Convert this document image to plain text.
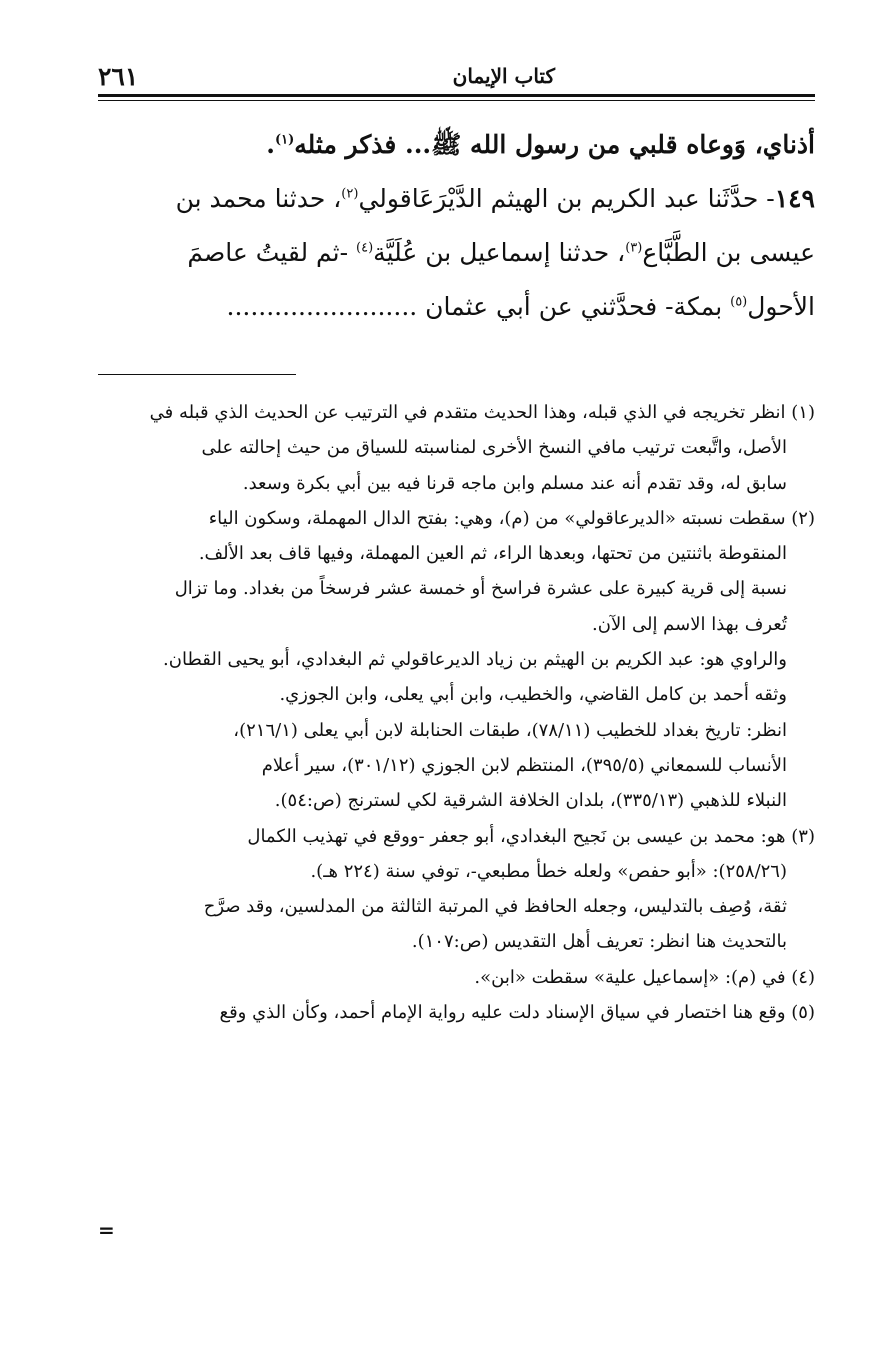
كتاب الإيمان
٢٦١

أذناي، وَوعاه قلبي من رسول الله ﷺ... فذكر مثله$^{(١)}$.

١٤٩- حدَّثَنا عبد الكريم بن الهيثم الدَّيْرَعَاقولي$^{(٢)}$، حدثنا محمد بن

عيسى بن الطَّبَّاع$^{(٣)}$، حدثنا إسماعيل بن عُلَيَّة$^{(٤)}$ -ثم لقيتُ عاصمَ

الأحول$^{(٥)}$ بمكة- فحدَّثني عن أبي عثمان ........................

(١) انظر تخريجه في الذي قبله، وهذا الحديث متقدم في الترتيب عن الحديث الذي قبله في

الأصل، واتَّبعت ترتيب مافي النسخ الأخرى لمناسبته للسياق من حيث إحالته على

سابق له، وقد تقدم أنه عند مسلم وابن ماجه قرنا فيه بين أبي بكرة وسعد.

(٢) سقطت نسبته «الديرعاقولي» من (م)، وهي: بفتح الدال المهملة، وسكون الياء

المنقوطة باثنتين من تحتها، وبعدها الراء، ثم العين المهملة، وفيها قاف بعد الألف.

نسبة إلى قرية كبيرة على عشرة فراسخ أو خمسة عشر فرسخاً من بغداد. وما تزال

تُعرف بهذا الاسم إلى الآن.

والراوي هو: عبد الكريم بن الهيثم بن زياد الديرعاقولي ثم البغدادي، أبو يحيى القطان.

وثقه أحمد بن كامل القاضي، والخطيب، وابن أبي يعلى، وابن الجوزي.

انظر: تاريخ بغداد للخطيب (٧٨/١١)، طبقات الحنابلة لابن أبي يعلى (٢١٦/١)،

الأنساب للسمعاني (٣٩٥/٥)، المنتظم لابن الجوزي (٣٠١/١٢)، سير أعلام

النبلاء للذهبي (٣٣٥/١٣)، بلدان الخلافة الشرقية لكي لسترنج (ص:٥٤).

(٣) هو: محمد بن عيسى بن نَجيح البغدادي، أبو جعفر -ووقع في تهذيب الكمال

(٢٥٨/٢٦): «أبو حفص» ولعله خطأ مطبعي-، توفي سنة (٢٢٤ هـ).

ثقة، وُصِف بالتدليس، وجعله الحافظ في المرتبة الثالثة من المدلسين، وقد صرَّح

بالتحديث هنا انظر: تعريف أهل التقديس (ص:١٠٧).

(٤) في (م): «إسماعيل علية» سقطت «ابن».

(٥) وقع هنا اختصار في سياق الإسناد دلت عليه رواية الإمام أحمد، وكأن الذي وقع

=
